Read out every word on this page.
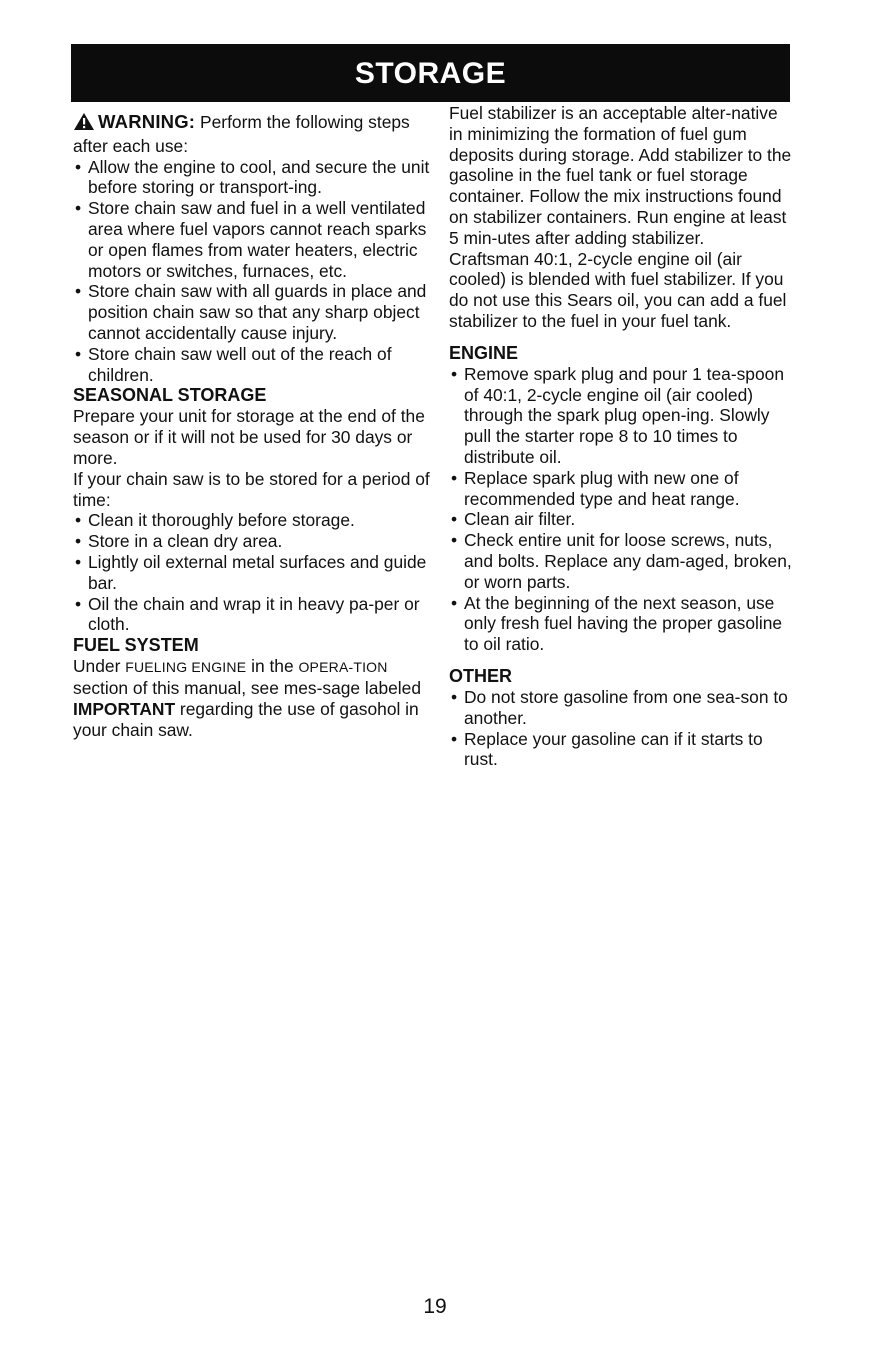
STORAGE

WARNING: Perform the following steps after each use:

• Allow the engine to cool, and secure the unit before storing or transport-ing.
• Store chain saw and fuel in a well ventilated area where fuel vapors cannot reach sparks or open flames from water heaters, electric motors or switches, furnaces, etc.
• Store chain saw with all guards in place and position chain saw so that any sharp object cannot accidentally cause injury.
• Store chain saw well out of the reach of children.

SEASONAL STORAGE

Prepare your unit for storage at the end of the season or if it will not be used for 30 days or more.

If your chain saw is to be stored for a period of time:

• Clean it thoroughly before storage.
• Store in a clean dry area.
• Lightly oil external metal surfaces and guide bar.
• Oil the chain and wrap it in heavy pa-per or cloth.

FUEL SYSTEM

Under FUELING ENGINE in the OPERA-TION section of this manual, see mes-sage labeled IMPORTANT regarding the use of gasohol in your chain saw.

Fuel stabilizer is an acceptable alter-native in minimizing the formation of fuel gum deposits during storage. Add stabilizer to the gasoline in the fuel tank or fuel storage container. Follow the mix instructions found on stabilizer containers. Run engine at least 5 min-utes after adding stabilizer.

Craftsman 40:1, 2-cycle engine oil (air cooled) is blended with fuel stabilizer. If you do not use this Sears oil, you can add a fuel stabilizer to the fuel in your fuel tank.

ENGINE

• Remove spark plug and pour 1 tea-spoon of 40:1, 2-cycle engine oil (air cooled) through the spark plug open-ing. Slowly pull the starter rope 8 to 10 times to distribute oil.
• Replace spark plug with new one of recommended type and heat range.
• Clean air filter.
• Check entire unit for loose screws, nuts, and bolts. Replace any dam-aged, broken, or worn parts.
• At the beginning of the next season, use only fresh fuel having the proper gasoline to oil ratio.

OTHER

• Do not store gasoline from one sea-son to another.
• Replace your gasoline can if it starts to rust.
19
